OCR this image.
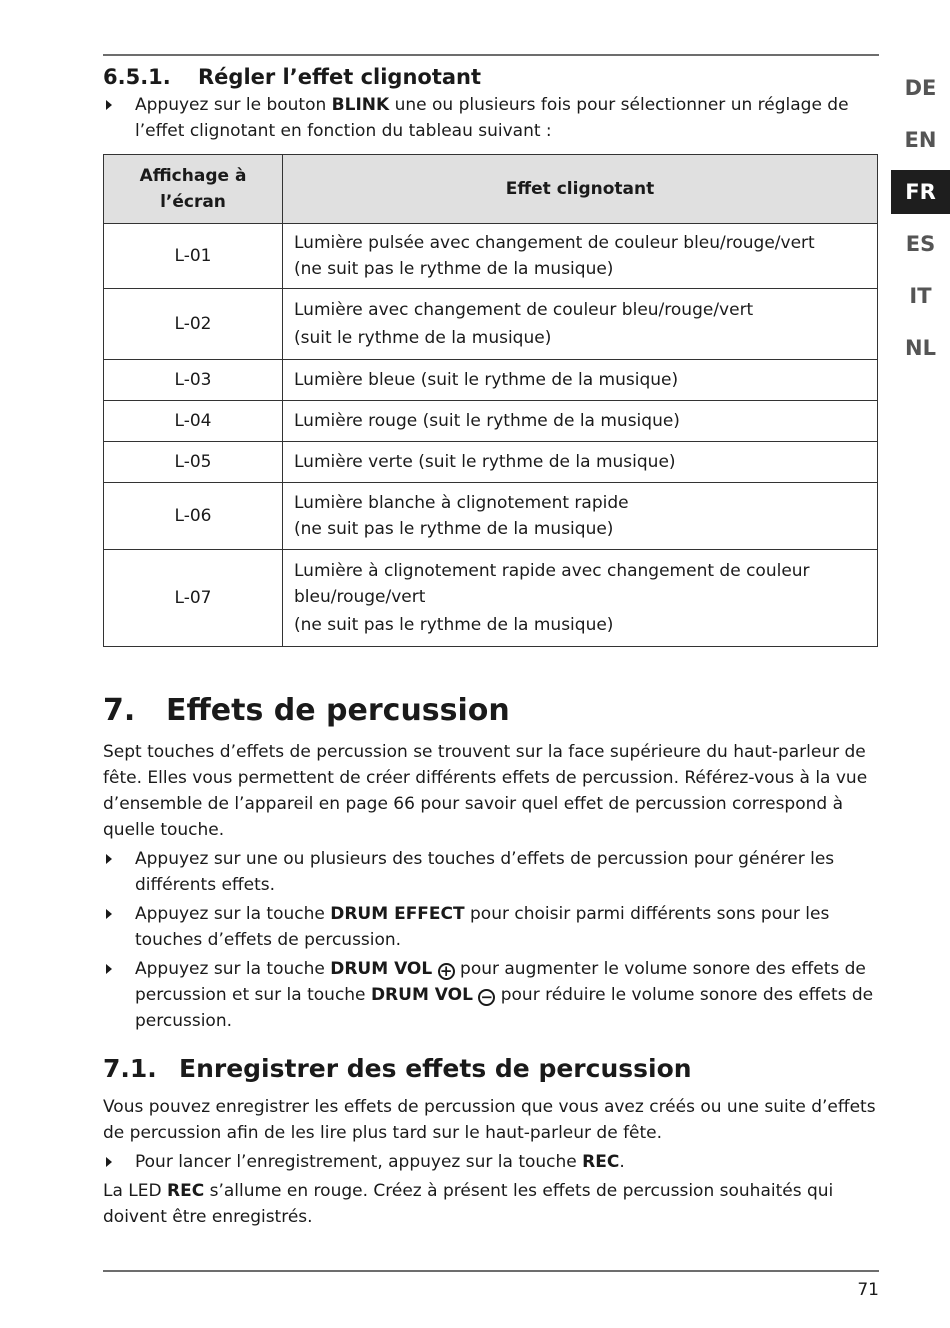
DE
EN
FR
ES
IT
NL
6.5.1. Régler l’effet clignotant
Appuyez sur le bouton BLINK une ou plusieurs fois pour sélectionner un réglage de l’effet clignotant en fonction du tableau suivant :
Affichage à l’écran	Effet clignotant
L-01	Lumière pulsée avec changement de couleur bleu/rouge/vert
(ne suit pas le rythme de la musique)

L-02	Lumière avec changement de couleur bleu/rouge/vert
(suit le rythme de la musique)

L-03	Lumière bleue (suit le rythme de la musique)

L-04	Lumière rouge (suit le rythme de la musique)

L-05	Lumière verte (suit le rythme de la musique)

L-06	Lumière blanche à clignotement rapide
(ne suit pas le rythme de la musique)

L-07	Lumière à clignotement rapide avec changement de couleur bleu/rouge/vert
(ne suit pas le rythme de la musique)
7. Effets de percussion

Sept touches d’effets de percussion se trouvent sur la face supérieure du haut-parleur de fête. Elles vous permettent de créer différents effets de percussion. Référez-vous à la vue d’ensemble de l’appareil en page 66 pour savoir quel effet de percussion correspond à quelle touche.

Appuyez sur une ou plusieurs des touches d’effets de percussion pour générer les différents effets.
Appuyez sur la touche DRUM EFFECT pour choisir parmi différents sons pour les touches d’effets de percussion.
Appuyez sur la touche DRUM VOL + pour augmenter le volume sonore des effets de percussion et sur la touche DRUM VOL − pour réduire le volume sonore des effets de percussion.
7.1. Enregistrer des effets de percussion

Vous pouvez enregistrer les effets de percussion que vous avez créés ou une suite d’effets de percussion afin de les lire plus tard sur le haut-parleur de fête.

Pour lancer l’enregistrement, appuyez sur la touche REC.

La LED REC s’allume en rouge. Créez à présent les effets de percussion souhaités qui doivent être enregistrés.

71
